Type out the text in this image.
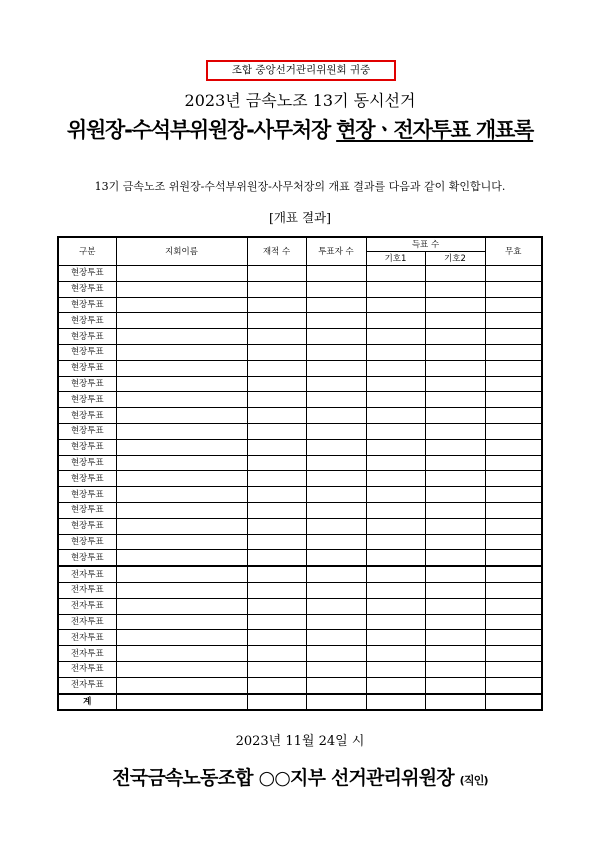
조합 중앙선거관리위원회 귀중
2023년 금속노조 13기 동시선거
위원장-수석부위원장-사무처장 현장ㆍ전자투표 개표록
13기 금속노조 위원장-수석부위원장-사무처장의 개표 결과를 다음과 같이 확인합니다.
[개표 결과]
구분	지회이름	재적 수	투표자 수	득표 수		무효
				기호1	기호2	
현장투표						
현장투표						
현장투표						
현장투표						
현장투표						
현장투표						
현장투표						
현장투표						
현장투표						
현장투표						
현장투표						
현장투표						
현장투표						
현장투표						
현장투표						
현장투표						
현장투표						
현장투표						
현장투표						
전자투표						
전자투표						
전자투표						
전자투표						
전자투표						
전자투표						
전자투표						
전자투표						
계						
2023년 11월 24일 시
전국금속노동조합 ○○지부 선거관리위원장 (직인)
